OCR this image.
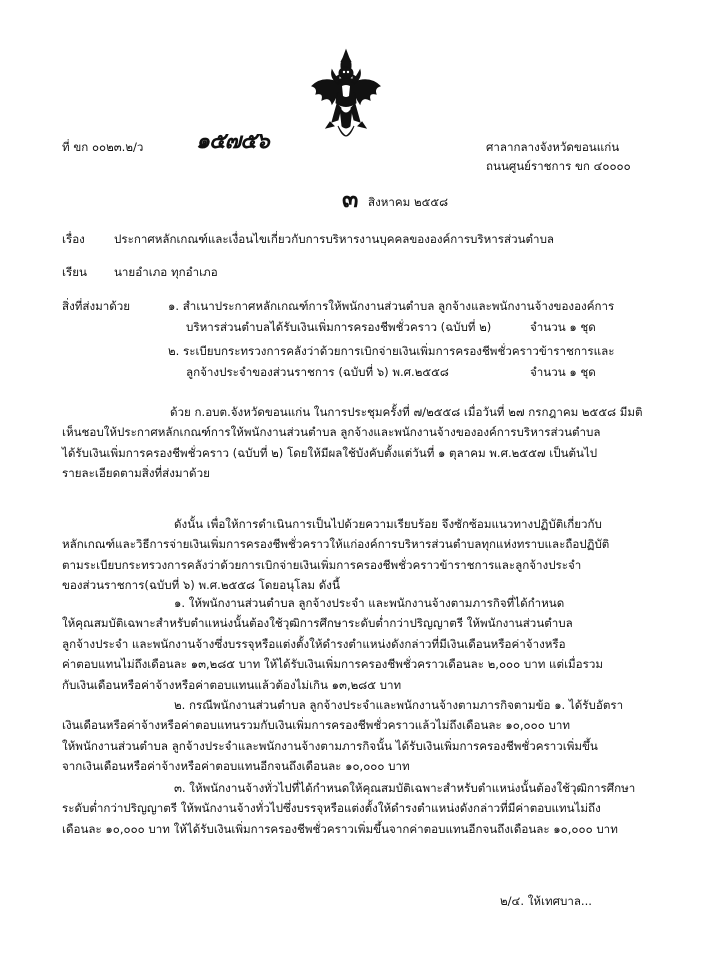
ที่ ขก ๐๐๒๓.๒/ว ๑๕๗๕๖	ศาลากลางจังหวัดขอนแก่น
ถนนศูนย์ราชการ ขก ๔๐๐๐๐
๓ สิงหาคม ๒๕๕๘
เรื่อง	ประกาศหลักเกณฑ์และเงื่อนไขเกี่ยวกับการบริหารงานบุคคลขององค์การบริหารส่วนตำบล
เรียน นายอำเภอ ทุกอำเภอ
สิ่งที่ส่งมาด้วย	๑. สำเนาประกาศหลักเกณฑ์การให้พนักงานส่วนตำบล ลูกจ้างและพนักงานจ้างขององค์การ
บริหารส่วนตำบลได้รับเงินเพิ่มการครองชีพชั่วคราว (ฉบับที่ ๒)	จำนวน ๑ ชุด
๒. ระเบียบกระทรวงการคลังว่าด้วยการเบิกจ่ายเงินเพิ่มการครองชีพชั่วคราวข้าราชการและ
ลูกจ้างประจำของส่วนราชการ (ฉบับที่ ๖) พ.ศ.๒๕๕๘	จำนวน ๑ ชุด
ด้วย ก.อบต.จังหวัดขอนแก่น ในการประชุมครั้งที่ ๗/๒๕๕๘ เมื่อวันที่ ๒๗ กรกฎาคม ๒๕๕๘ มีมติ
เห็นชอบให้ประกาศหลักเกณฑ์การให้พนักงานส่วนตำบล ลูกจ้างและพนักงานจ้างขององค์การบริหารส่วนตำบล
ได้รับเงินเพิ่มการครองชีพชั่วคราว (ฉบับที่ ๒) โดยให้มีผลใช้บังคับตั้งแต่วันที่ ๑ ตุลาคม พ.ศ.๒๕๕๗ เป็นต้นไป
รายละเอียดตามสิ่งที่ส่งมาด้วย
ดังนั้น เพื่อให้การดำเนินการเป็นไปด้วยความเรียบร้อย จึงซักซ้อมแนวทางปฏิบัติเกี่ยวกับ
หลักเกณฑ์และวิธีการจ่ายเงินเพิ่มการครองชีพชั่วคราวให้แก่องค์การบริหารส่วนตำบลทุกแห่งทราบและถือปฏิบัติ
ตามระเบียบกระทรวงการคลังว่าด้วยการเบิกจ่ายเงินเพิ่มการครองชีพชั่วคราวข้าราชการและลูกจ้างประจำ
ของส่วนราชการ(ฉบับที่ ๖) พ.ศ.๒๕๕๘ โดยอนุโลม ดังนี้
๑. ให้พนักงานส่วนตำบล ลูกจ้างประจำ และพนักงานจ้างตามภารกิจที่ได้กำหนด
ให้คุณสมบัติเฉพาะสำหรับตำแหน่งนั้นต้องใช้วุฒิการศึกษาระดับต่ำกว่าปริญญาตรี ให้พนักงานส่วนตำบล
ลูกจ้างประจำ และพนักงานจ้างซึ่งบรรจุหรือแต่งตั้งให้ดำรงตำแหน่งดังกล่าวที่มีเงินเดือนหรือค่าจ้างหรือ
ค่าตอบแทนไม่ถึงเดือนละ ๑๓,๒๘๕ บาท ให้ได้รับเงินเพิ่มการครองชีพชั่วคราวเดือนละ ๒,๐๐๐ บาท แต่เมื่อรวม
กับเงินเดือนหรือค่าจ้างหรือค่าตอบแทนแล้วต้องไม่เกิน ๑๓,๒๘๕ บาท
๒. กรณีพนักงานส่วนตำบล ลูกจ้างประจำและพนักงานจ้างตามภารกิจตามข้อ ๑. ได้รับอัตรา
เงินเดือนหรือค่าจ้างหรือค่าตอบแทนรวมกับเงินเพิ่มการครองชีพชั่วคราวแล้วไม่ถึงเดือนละ ๑๐,๐๐๐ บาท
ให้พนักงานส่วนตำบล ลูกจ้างประจำและพนักงานจ้างตามภารกิจนั้น ได้รับเงินเพิ่มการครองชีพชั่วคราวเพิ่มขึ้น
จากเงินเดือนหรือค่าจ้างหรือค่าตอบแทนอีกจนถึงเดือนละ ๑๐,๐๐๐ บาท
๓. ให้พนักงานจ้างทั่วไปที่ได้กำหนดให้คุณสมบัติเฉพาะสำหรับตำแหน่งนั้นต้องใช้วุฒิการศึกษา
ระดับต่ำกว่าปริญญาตรี ให้พนักงานจ้างทั่วไปซึ่งบรรจุหรือแต่งตั้งให้ดำรงตำแหน่งดังกล่าวที่มีค่าตอบแทนไม่ถึง
เดือนละ ๑๐,๐๐๐ บาท ให้ได้รับเงินเพิ่มการครองชีพชั่วคราวเพิ่มขึ้นจากค่าตอบแทนอีกจนถึงเดือนละ ๑๐,๐๐๐ บาท
๒/๔. ให้เทศบาล...
